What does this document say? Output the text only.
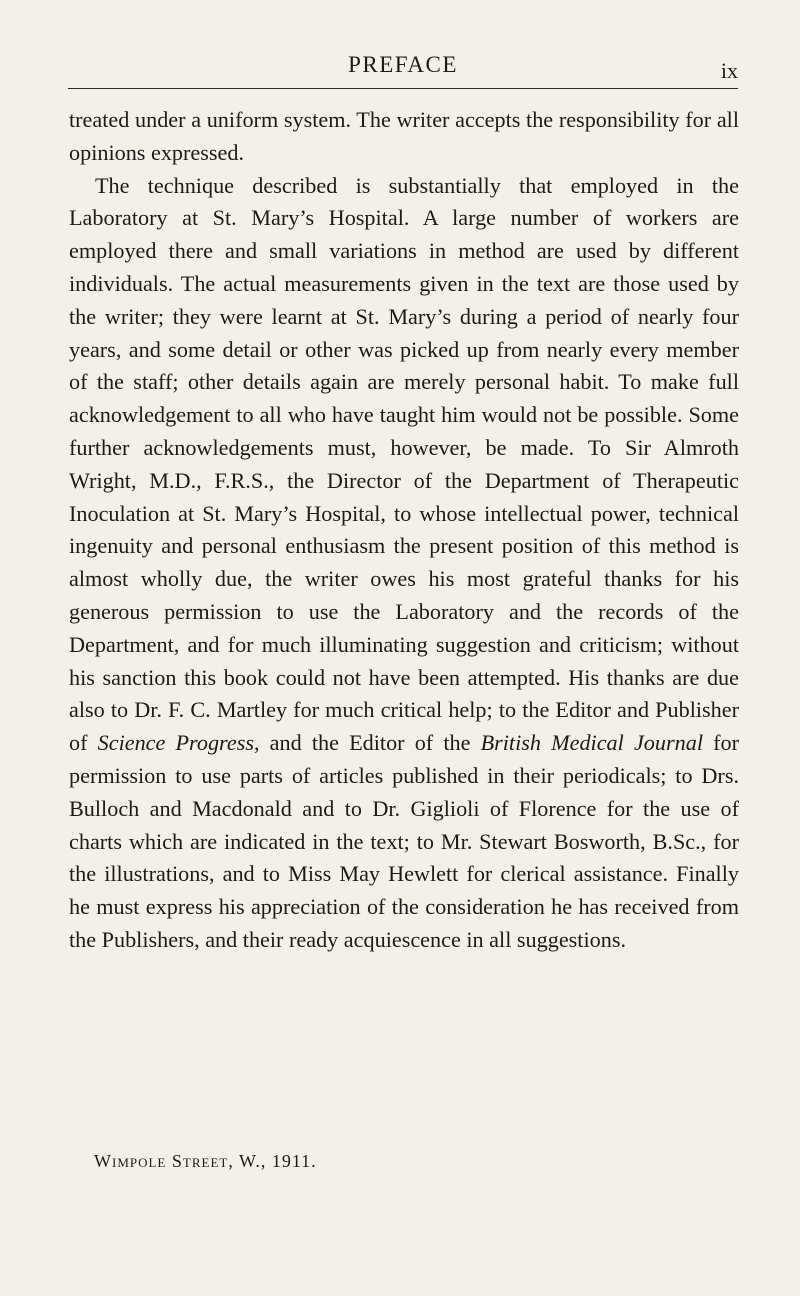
PREFACE	ix

treated under a uniform system. The writer accepts the responsibility for all opinions expressed.

The technique described is substantially that employed in the Laboratory at St. Mary’s Hospital. A large number of workers are employed there and small variations in method are used by different individuals. The actual measurements given in the text are those used by the writer; they were learnt at St. Mary’s during a period of nearly four years, and some detail or other was picked up from nearly every member of the staff; other details again are merely personal habit. To make full acknowledgement to all who have taught him would not be possible. Some further acknowledgements must, however, be made. To Sir Almroth Wright, M.D., F.R.S., the Director of the Department of Therapeutic Inoculation at St. Mary’s Hospital, to whose intellectual power, technical ingenuity and personal enthusiasm the present position of this method is almost wholly due, the writer owes his most grateful thanks for his generous permission to use the Laboratory and the records of the Department, and for much illuminating suggestion and criticism; without his sanction this book could not have been attempted. His thanks are due also to Dr. F. C. Martley for much critical help; to the Editor and Publisher of Science Progress, and the Editor of the British Medical Journal for permission to use parts of articles published in their periodicals; to Drs. Bulloch and Macdonald and to Dr. Giglioli of Florence for the use of charts which are indicated in the text; to Mr. Stewart Bosworth, B.Sc., for the illustrations, and to Miss May Hewlett for clerical assistance. Finally he must express his appreciation of the consideration he has received from the Publishers, and their ready acquiescence in all suggestions.

Wimpole Street, W., 1911.
